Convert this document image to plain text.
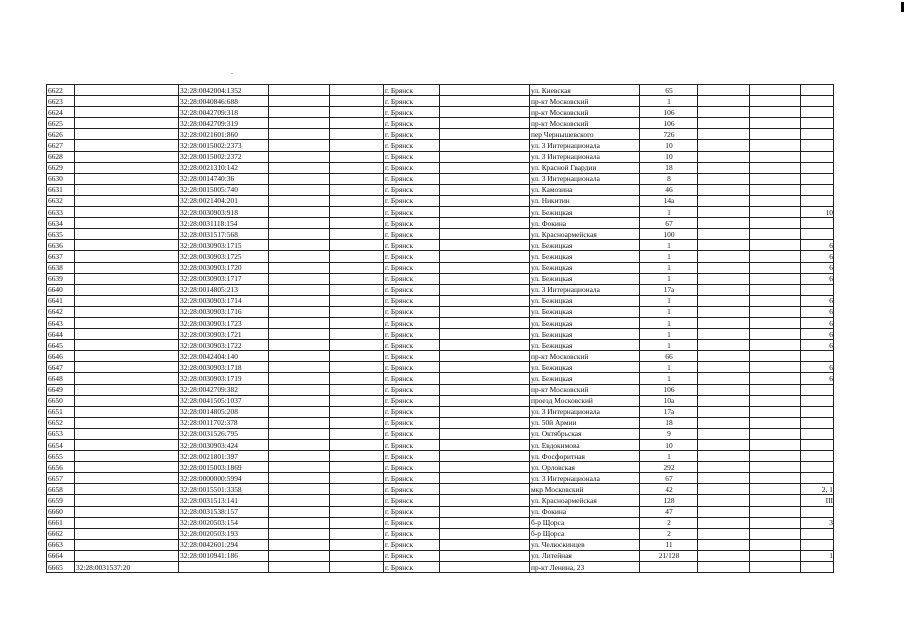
6622		32:28:0042004:1352			г. Брянск		ул. Киевская	65			
6623		32:28:0040846:688			г. Брянск		пр-кт Московский	1			
6624		32:28:0042709:318			г. Брянск		пр-кт Московский	106			
6625		32:28:0042709:319			г. Брянск		пр-кт Московский	106			
6626		32:28:0021601:860			г. Брянск		пер Чернышевского	726			
6627		32:28:0015002:2373			г. Брянск		ул. 3 Интернационала	10			
6628		32:28:0015002:2372			г. Брянск		ул. 3 Интернационала	10			
6629		32:28:0021310:142			г. Брянск		ул. Красной Гвардии	18			
6630		32:28:0014740:36			г. Брянск		ул. 3 Интернационала	8			
6631		32:28:0015005:740			г. Брянск		ул. Камозина	46			
6632		32:28:0021404:201			г. Брянск		ул. Никитин	14а			
6633		32:28:0030903:918			г. Брянск		ул. Бежицкая	1			10
6634		32:28:0031118:154			г. Брянск		ул. Фокина	67			
6635		32:28:0031517:568			г. Брянск		ул. Красноармейская	100			
6636		32:28:0030903:1715			г. Брянск		ул. Бежицкая	1			6
6637		32:28:0030903:1725			г. Брянск		ул. Бежицкая	1			6
6638		32:28:0030903:1720			г. Брянск		ул. Бежицкая	1			6
6639		32:28:0030903:1717			г. Брянск		ул. Бежицкая	1			6
6640		32:28:0014805:213			г. Брянск		ул. 3 Интернационала	17а			
6641		32:28:0030903:1714			г. Брянск		ул. Бежицкая	1			6
6642		32:28:0030903:1716			г. Брянск		ул. Бежицкая	1			6
6643		32:28:0030903:1723			г. Брянск		ул. Бежицкая	1			6
6644		32:28:0030903:1721			г. Брянск		ул. Бежицкая	1			6
6645		32:28:0030903:1722			г. Брянск		ул. Бежицкая	1			6
6646		32:28:0042404:140			г. Брянск		пр-кт Московский	66			
6647		32:28:0030903:1718			г. Брянск		ул. Бежицкая	1			6
6648		32:28:0030903:1719			г. Брянск		ул. Бежицкая	1			6
6649		32:28:0042709:382			г. Брянск		пр-кт Московский	106			
6650		32:28:0041505:1037			г. Брянск		проезд Московский	10а			
6651		32:28:0014805:208			г. Брянск		ул. 3 Интернационала	17а			
6652		32:28:0011702:378			г. Брянск		ул. 50й Армии	18			
6653		32:28:0031526:795			г. Брянск		ул. Октябрьская	9			
6654		32:28:0030903:424			г. Брянск		ул. Евдокимова	10			
6655		32:28:0021801:397			г. Брянск		ул. Фосфоритная	1			
6656		32:28:0015003:1869			г. Брянск		ул. Орловская	292			
6657		32:28:0000000:5994			г. Брянск		ул. 3 Интернационала	67			
6658		32:28:0015501:3358			г. Брянск		мкр Московский	42			2, 1
6659		32:28:0031513:141			г. Брянск		ул. Красноармейская	128			III
6660		32:28:0031538:157			г. Брянск		ул. Фокина	47			
6661		32:28:0020503:154			г. Брянск		б-р Щорса	2			3
6662		32:28:0020503:193			г. Брянск		б-р Щорса	2			
6663		32:28:0042601:294			г. Брянск		ул. Челюскинцев	11			
6664		32:28:0010941:186			г. Брянск		ул. Литейная	21/128			1
6665	32:28:0031537:20				г. Брянск		пр-кт Ленина, 23				
